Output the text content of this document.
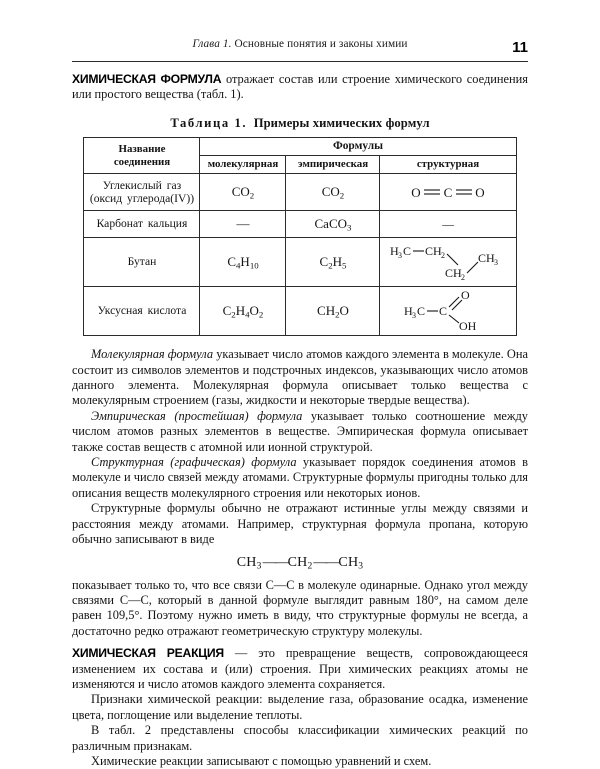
Глава 1. Основные понятия и законы химии	11

ХИМИЧЕСКАЯ ФОРМУЛА отражает состав или строение химического соединения или простого вещества (табл. 1).

Таблица 1. Примеры химических формул

Название
соединения	Формулы		
	молекулярная	эмпирическая	структурная
Углекислый газ
(оксид углерода(IV))	$CO_2$	$CO_2$	O C O

Карбонат кальция	—	CaCO$_3$	—
Бутан	$C_4H_{10}$	$C_2H_5$	
H 3 C CH 2
CH 2
CH 3

Уксусная кислота	$C_2H_4O_2$	$CH_2O$	H 3 C C
O
OH

Молекулярная формула указывает число атомов каждого элемента в молекуле. Она состоит из символов элементов и подстрочных индексов, указывающих число атомов данного элемента. Молекулярная формула описывает только вещества с молекулярным строением (газы, жидкости и некоторые твердые вещества).

Эмпирическая (простейшая) формула указывает только соотношение между числом атомов разных элементов в веществе. Эмпирическая формула описывает также состав веществ с атомной или ионной структурой.

Структурная (графическая) формула указывает порядок соединения атомов в молекуле и число связей между атомами. Структурные формулы пригодны только для описания веществ молекулярного строения или некоторых ионов.

Структурные формулы обычно не отражают истинные углы между связями и расстояния между атомами. Например, структурная формула пропана, которую обычно записывают в виде

$CH_3——CH_2——CH_3$

показывает только то, что все связи C—C в молекуле одинарные. Однако угол между связями C—C, который в данной формуле выглядит равным 180°, на самом деле равен 109,5°. Поэтому нужно иметь в виду, что структурные формулы не всегда, а достаточно редко отражают геометрическую структуру молекулы.

ХИМИЧЕСКАЯ РЕАКЦИЯ — это превращение веществ, сопровождающееся изменением их состава и (или) строения. При химических реакциях атомы не изменяются и число атомов каждого элемента сохраняется.

Признаки химической реакции: выделение газа, образование осадка, изменение цвета, поглощение или выделение теплоты.

В табл. 2 представлены способы классификации химических реакций по различным признакам.

Химические реакции записывают с помощью уравнений и схем.
